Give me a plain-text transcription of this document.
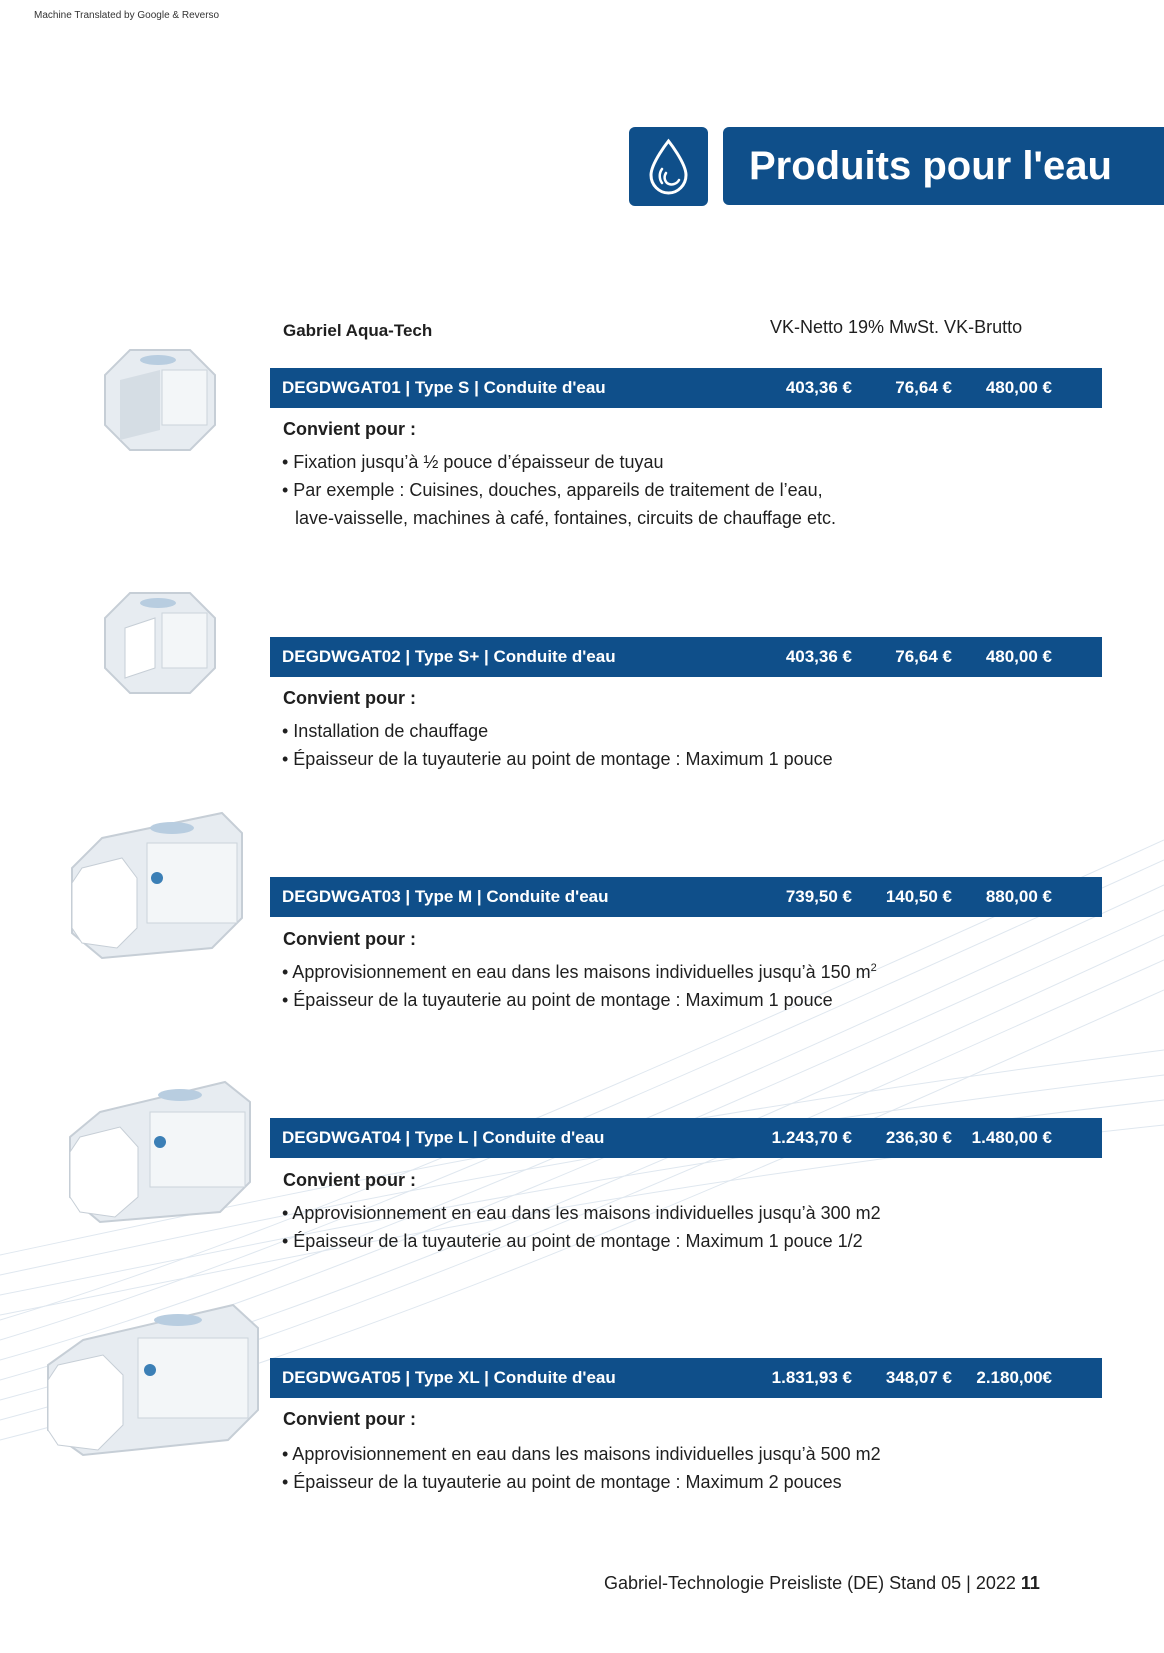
Machine Translated by Google & Reverso
Produits pour l'eau
Gabriel Aqua-Tech	VK-Netto 19% MwSt. VK-Brutto
DEGDWGAT01 | Type S | Conduite d'eau	403,36 €	76,64 € 480,00 €
Convient pour :
• Fixation jusqu’à ½ pouce d’épaisseur de tuyau
• Par exemple : Cuisines, douches, appareils de traitement de l’eau,
lave-vaisselle, machines à café, fontaines, circuits de chauffage etc.
DEGDWGAT02 | Type S+ | Conduite d'eau	403,36 €	76,64 € 480,00 €
Convient pour :
• Installation de chauffage
• Épaisseur de la tuyauterie au point de montage : Maximum 1 pouce
DEGDWGAT03 | Type M | Conduite d'eau	739,50 € 140,50 € 880,00 €
Convient pour :
• Approvisionnement en eau dans les maisons individuelles jusqu’à 150 $m^2$
• Épaisseur de la tuyauterie au point de montage : Maximum 1 pouce
DEGDWGAT04 | Type L | Conduite d'eau	1.243,70 € 236,30 € 1.480,00 €
Convient pour :
• Approvisionnement en eau dans les maisons individuelles jusqu’à 300 m2
• Épaisseur de la tuyauterie au point de montage : Maximum 1 pouce 1/2
DEGDWGAT05 | Type XL | Conduite d'eau	1.831,93 € 348,07 € 2.180,00€
Convient pour :
• Approvisionnement en eau dans les maisons individuelles jusqu’à 500 m2
• Épaisseur de la tuyauterie au point de montage : Maximum 2 pouces
Gabriel-Technologie Preisliste (DE) Stand 05 | 2022 11
